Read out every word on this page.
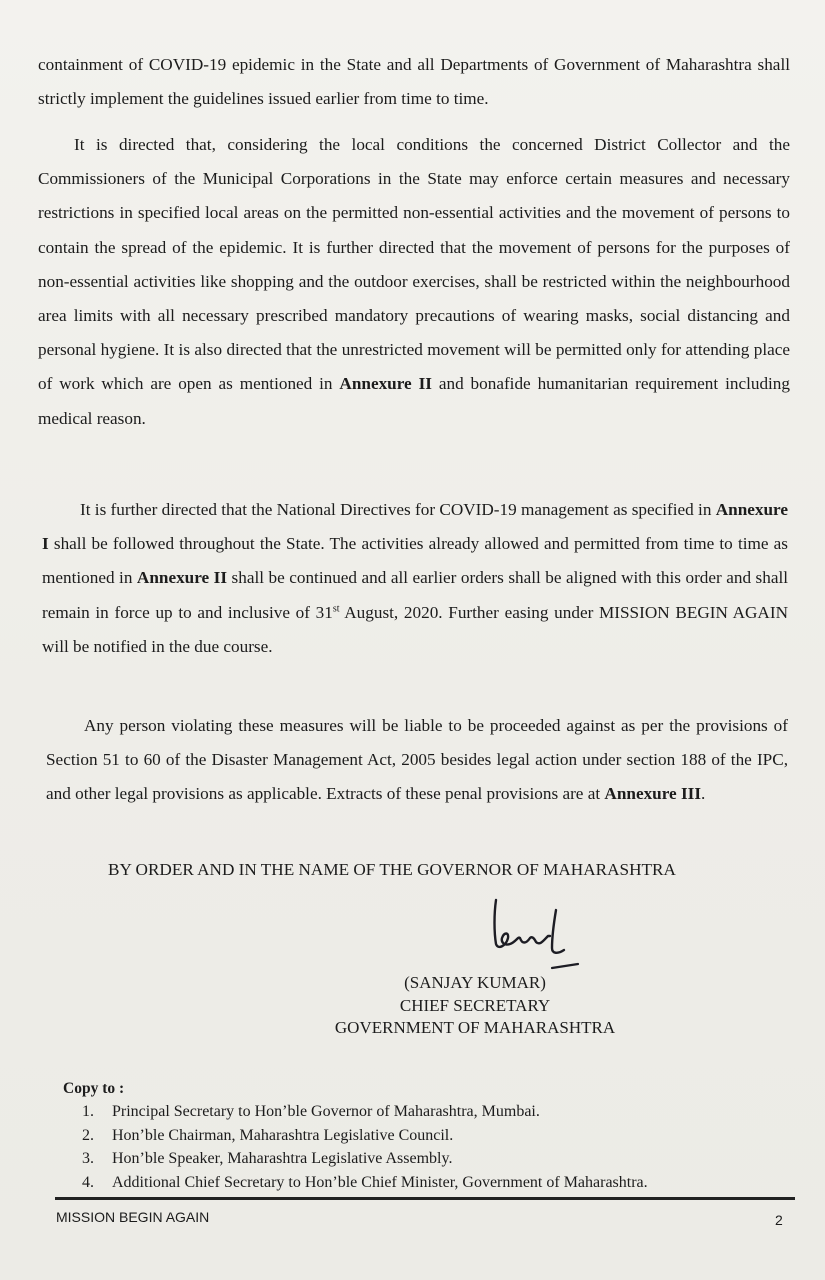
containment of COVID-19 epidemic in the State and all Departments of Government of Maharashtra shall strictly implement the guidelines issued earlier from time to time.

It is directed that, considering the local conditions the concerned District Collector and the Commissioners of the Municipal Corporations in the State may enforce certain measures and necessary restrictions in specified local areas on the permitted non-essential activities and the movement of persons to contain the spread of the epidemic. It is further directed that the movement of persons for the purposes of non-essential activities like shopping and the outdoor exercises, shall be restricted within the neighbourhood area limits with all necessary prescribed mandatory precautions of wearing masks, social distancing and personal hygiene. It is also directed that the unrestricted movement will be permitted only for attending place of work which are open as mentioned in Annexure II and bonafide humanitarian requirement including medical reason.

It is further directed that the National Directives for COVID-19 management as specified in Annexure I shall be followed throughout the State. The activities already allowed and permitted from time to time as mentioned in Annexure II shall be continued and all earlier orders shall be aligned with this order and shall remain in force up to and inclusive of 31st August, 2020. Further easing under MISSION BEGIN AGAIN will be notified in the due course.

Any person violating these measures will be liable to be proceeded against as per the provisions of Section 51 to 60 of the Disaster Management Act, 2005 besides legal action under section 188 of the IPC, and other legal provisions as applicable. Extracts of these penal provisions are at Annexure III.

BY ORDER AND IN THE NAME OF THE GOVERNOR OF MAHARASHTRA

(SANJAY KUMAR)
CHIEF SECRETARY
GOVERNMENT OF MAHARASHTRA

Copy to :

1. Principal Secretary to Hon’ble Governor of Maharashtra, Mumbai.
2. Hon’ble Chairman, Maharashtra Legislative Council.
3. Hon’ble Speaker, Maharashtra Legislative Assembly.
4. Additional Chief Secretary to Hon’ble Chief Minister, Government of Maharashtra.

MISSION BEGIN AGAIN	2
